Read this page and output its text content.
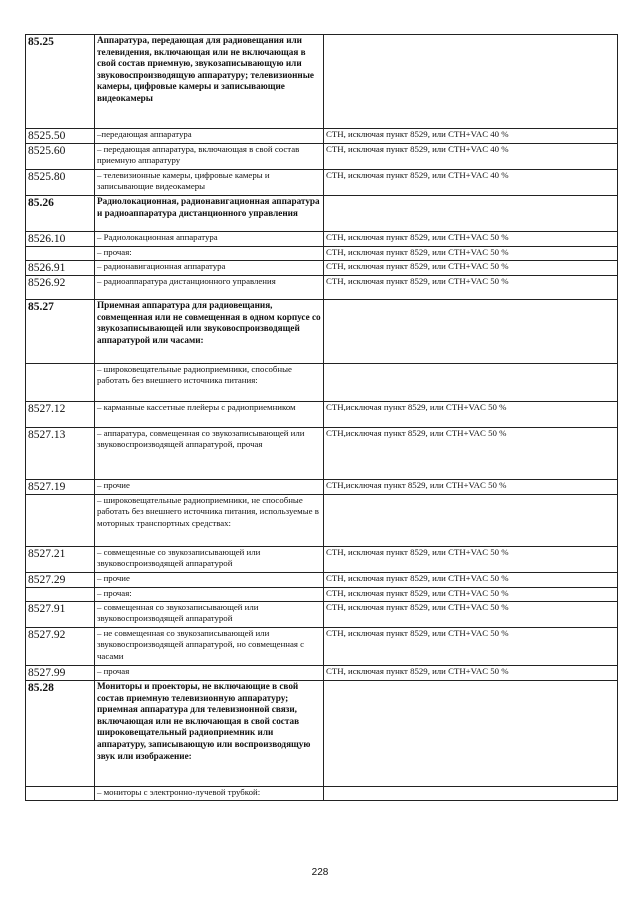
85.25	Аппаратура, передающая для радиовещания или телевидения, включающая или не включающая в свой состав приемную, звукозаписывающую или звуковоспроизводящую аппаратуру; телевизионные камеры, цифровые камеры и записывающие видеокамеры	
8525.50	–передающая аппаратура	СТН, исключая пункт 8529, или СТН+VAC 40 %
8525.60	– передающая аппаратура, включающая в свой состав приемную аппаратуру	СТН, исключая пункт 8529, или СТН+VAC 40 %
8525.80	– телевизионные камеры, цифровые камеры и записывающие видеокамеры	СТН, исключая пункт 8529, или СТН+VAC 40 %
85.26	Радиолокационная, радионавигационная аппаратура и радиоаппаратура дистанционного управления	
8526.10	– Радиолокационная аппаратура	СТН, исключая пункт 8529, или СТН+VAC 50 %
	– прочая:	СТН, исключая пункт 8529, или СТН+VAC 50 %
8526.91	– радионавигационная аппаратура	СТН, исключая пункт 8529, или СТН+VAC 50 %
8526.92	– радиоаппаратура дистанционного управления	СТН, исключая пункт 8529, или СТН+VAC 50 %
85.27	Приемная аппаратура для радиовещания, совмещенная или не совмещенная в одном корпусе со звукозаписывающей или звуковоспроизводящей аппаратурой или часами:	
	– широковещательные радиоприемники, способные работать без внешнего источника питания:	
8527.12	– карманные кассетные плейеры с радиоприемником	СТН,исключая пункт 8529, или СТН+VAC 50 %
8527.13	– аппаратура, совмещенная со звукозаписывающей или звуковоспроизводящей аппаратурой, прочая	СТН,исключая пункт 8529, или СТН+VAC 50 %
8527.19	– прочие	СТН,исключая пункт 8529, или СТН+VAC 50 %
	– широковещательные радиоприемники, не способные работать без внешнего источника питания, используемые в моторных транспортных средствах:	
8527.21	– совмещенные со звукозаписывающей или звуковоспроизводящей аппаратурой	СТН, исключая пункт 8529, или СТН+VAC 50 %
8527.29	– прочие	СТН, исключая пункт 8529, или СТН+VAC 50 %
	– прочая:	СТН, исключая пункт 8529, или СТН+VAC 50 %
8527.91	– совмещенная со звукозаписывающей или звуковоспроизводящей аппаратурой	СТН, исключая пункт 8529, или СТН+VAC 50 %
8527.92	– не совмещенная со звукозаписывающей или звуковоспроизводящей аппаратурой, но совмещенная с часами	СТН, исключая пункт 8529, или СТН+VAC 50 %
8527.99	– прочая	СТН, исключая пункт 8529, или СТН+VAC 50 %
85.28	Мониторы и проекторы, не включающие в свой состав приемную телевизионную аппаратуру; приемная аппаратура для телевизионной связи, включающая или не включающая в свой состав широковещательный радиоприемник или аппаратуру, записывающую или воспроизводящую звук или изображение:	
	– мониторы с электронно-лучевой трубкой:	
228
